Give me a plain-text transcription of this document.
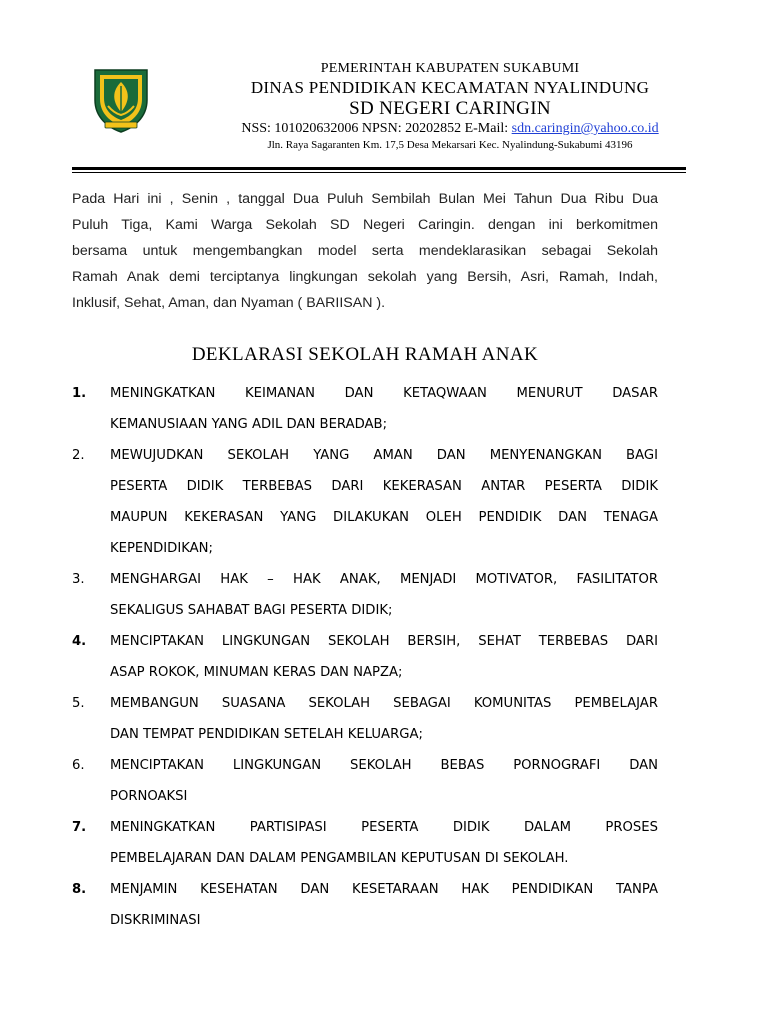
PEMERINTAH KABUPATEN SUKABUMI
DINAS PENDIDIKAN KECAMATAN NYALINDUNG
SD NEGERI CARINGIN
NSS: 101020632006 NPSN: 20202852 E-Mail: sdn.caringin@yahoo.co.id
Jln. Raya Sagaranten Km. 17,5 Desa Mekarsari Kec. Nyalindung-Sukabumi 43196
Pada Hari ini , Senin , tanggal Dua Puluh Sembilah Bulan Mei Tahun Dua Ribu Dua
Puluh Tiga, Kami Warga Sekolah SD Negeri Caringin. dengan ini berkomitmen
bersama untuk mengembangkan model serta mendeklarasikan sebagai Sekolah
Ramah Anak demi terciptanya lingkungan sekolah yang Bersih, Asri, Ramah, Indah,
Inklusif, Sehat, Aman, dan Nyaman ( BARIISAN ).
DEKLARASI SEKOLAH RAMAH ANAK
1.	MENINGKATKAN KEIMANAN DAN KETAQWAAN MENURUT DASAR
KEMANUSIAAN YANG ADIL DAN BERADAB;
2.	MEWUJUDKAN SEKOLAH YANG AMAN DAN MENYENANGKAN BAGI
PESERTA DIDIK TERBEBAS DARI KEKERASAN ANTAR PESERTA DIDIK
MAUPUN KEKERASAN YANG DILAKUKAN OLEH PENDIDIK DAN TENAGA
KEPENDIDIKAN;
3.	MENGHARGAI HAK – HAK ANAK, MENJADI MOTIVATOR, FASILITATOR
SEKALIGUS SAHABAT BAGI PESERTA DIDIK;
4.	MENCIPTAKAN LINGKUNGAN SEKOLAH BERSIH, SEHAT TERBEBAS DARI
ASAP ROKOK, MINUMAN KERAS DAN NAPZA;
5.	MEMBANGUN SUASANA SEKOLAH SEBAGAI KOMUNITAS PEMBELAJAR
DAN TEMPAT PENDIDIKAN SETELAH KELUARGA;
6.	MENCIPTAKAN LINGKUNGAN SEKOLAH BEBAS PORNOGRAFI DAN
PORNOAKSI
7.	MENINGKATKAN PARTISIPASI PESERTA DIDIK DALAM PROSES
PEMBELAJARAN DAN DALAM PENGAMBILAN KEPUTUSAN DI SEKOLAH.
8.	MENJAMIN KESEHATAN DAN KESETARAAN HAK PENDIDIKAN TANPA
DISKRIMINASI
